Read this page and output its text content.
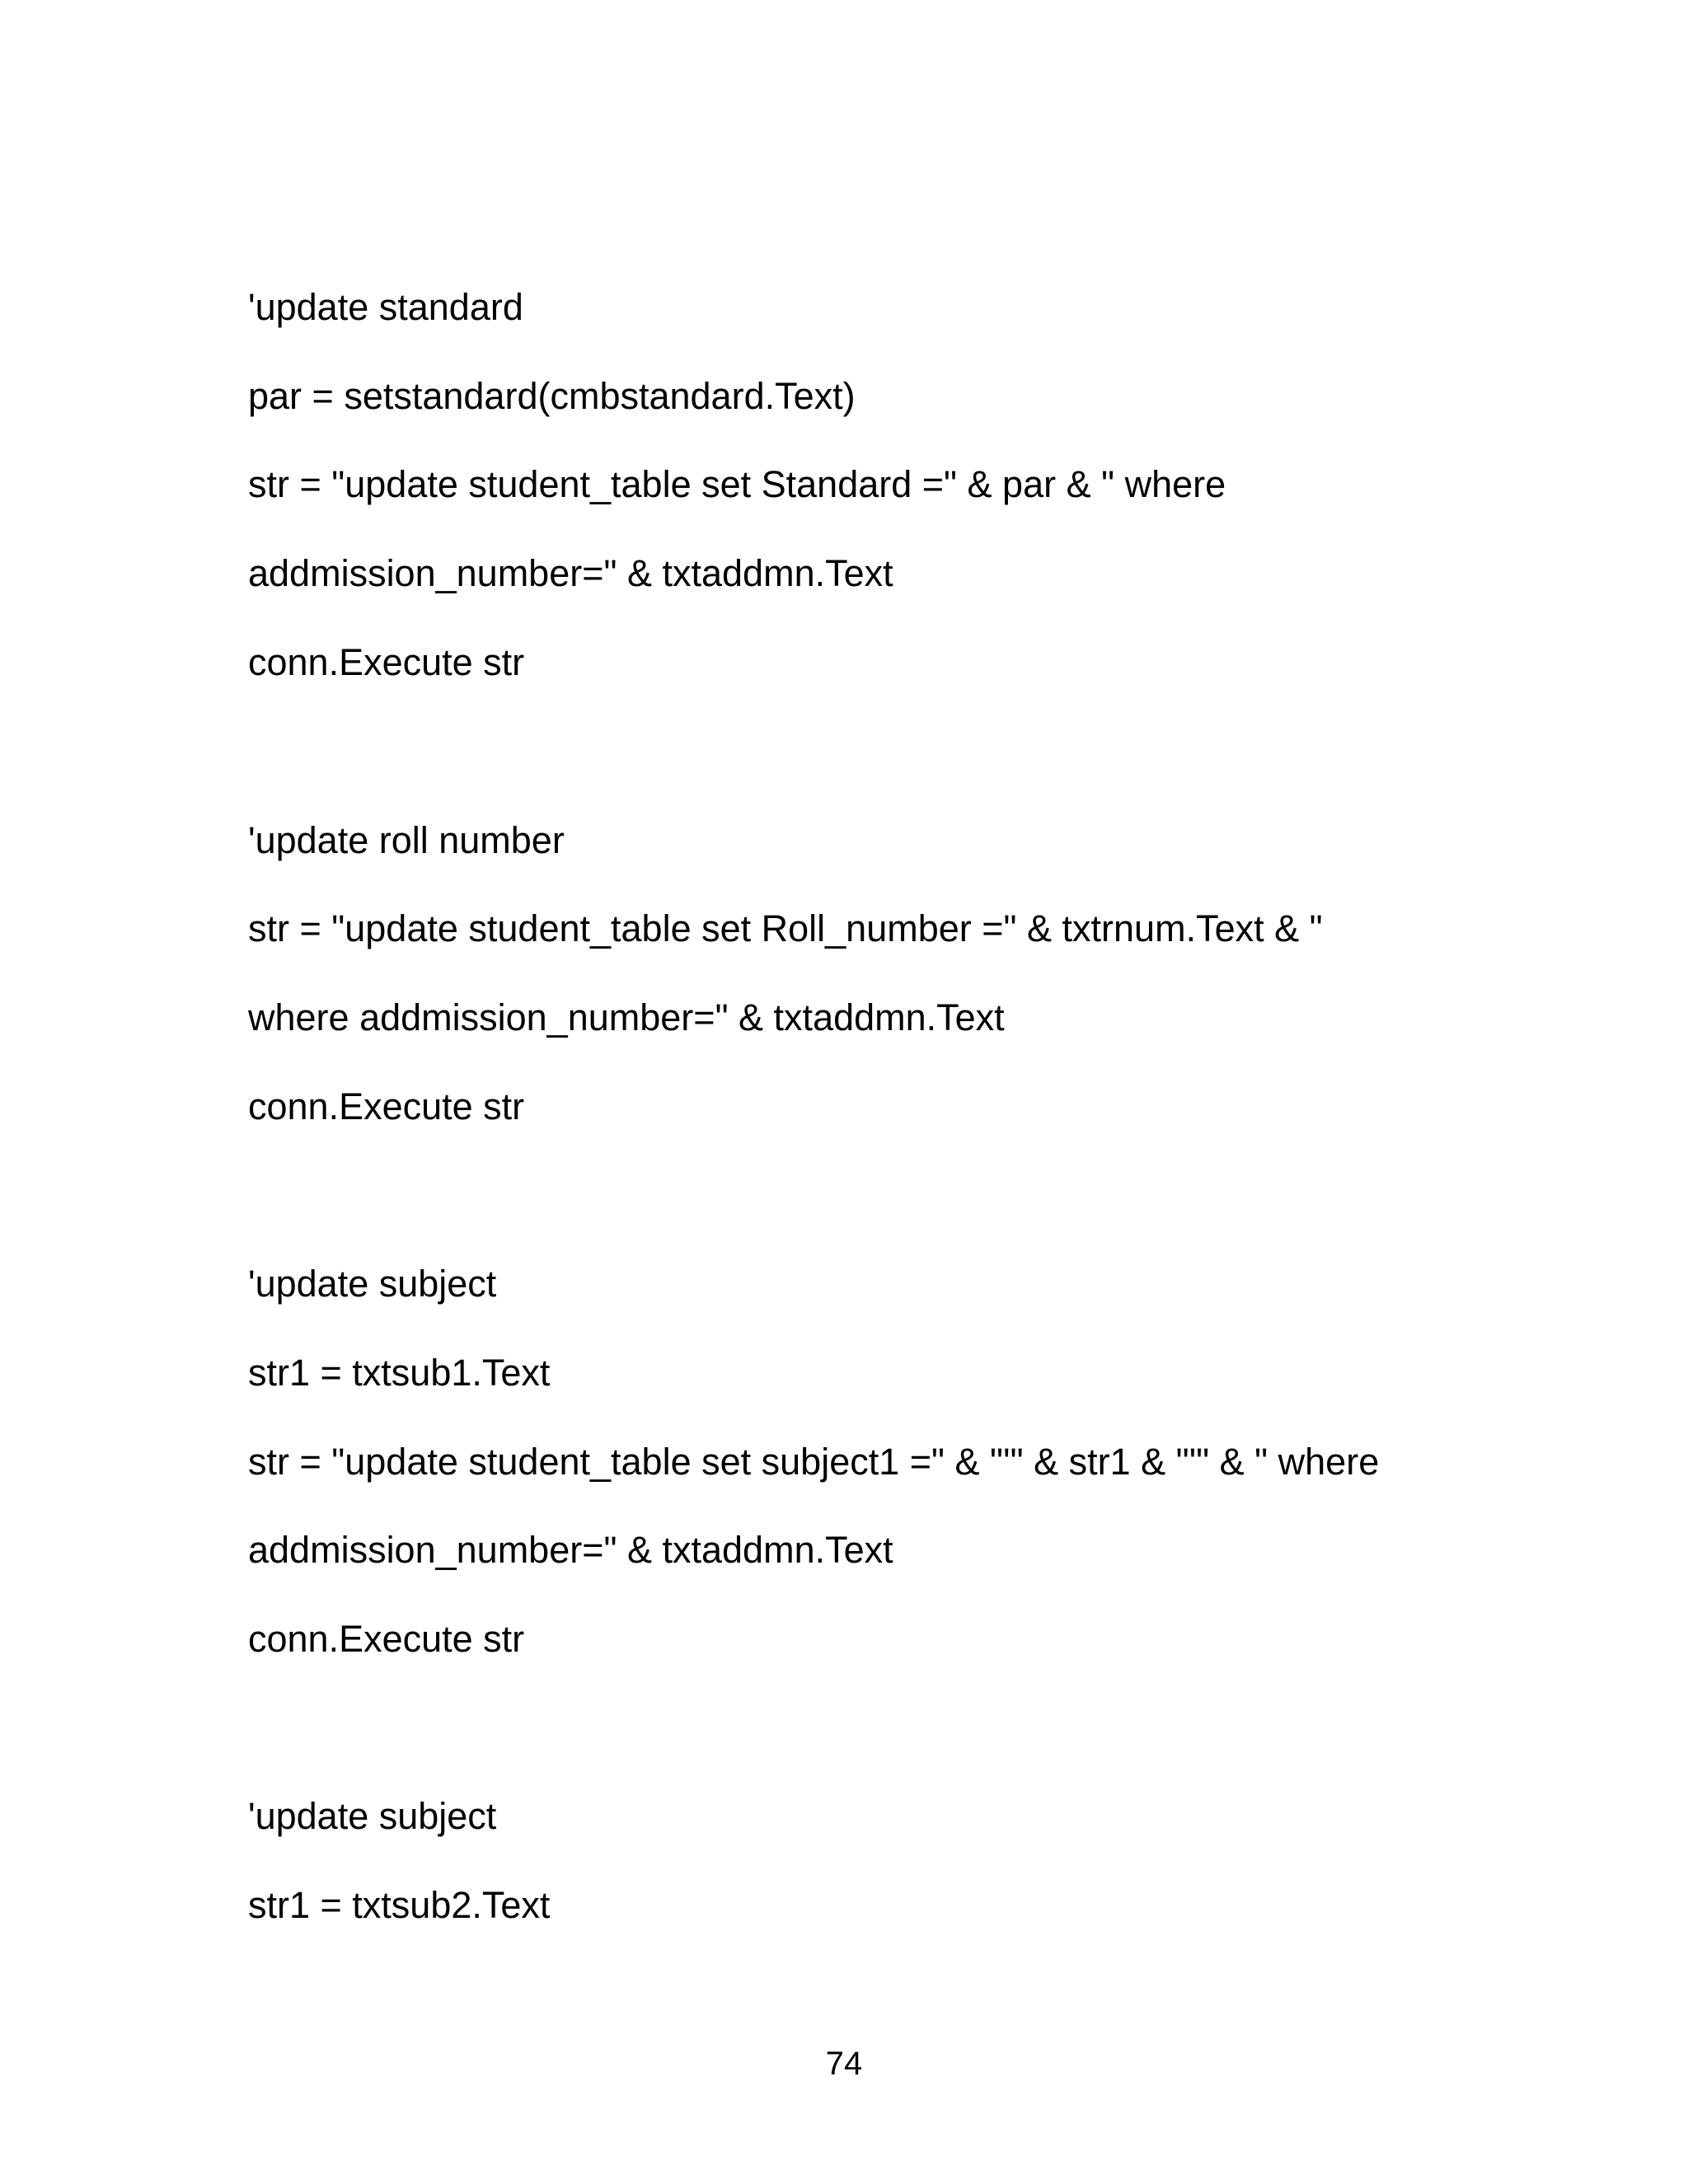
'update standard
par = setstandard(cmbstandard.Text)
str = "update student_table set Standard =" & par & " where
addmission_number=" & txtaddmn.Text
conn.Execute str
'update roll number
str = "update student_table set Roll_number =" & txtrnum.Text & "
where addmission_number=" & txtaddmn.Text
conn.Execute str
'update subject
str1 = txtsub1.Text
str = "update student_table set subject1 =" & "'" & str1 & "'" & " where
addmission_number=" & txtaddmn.Text
conn.Execute str
'update subject
str1 = txtsub2.Text
74
